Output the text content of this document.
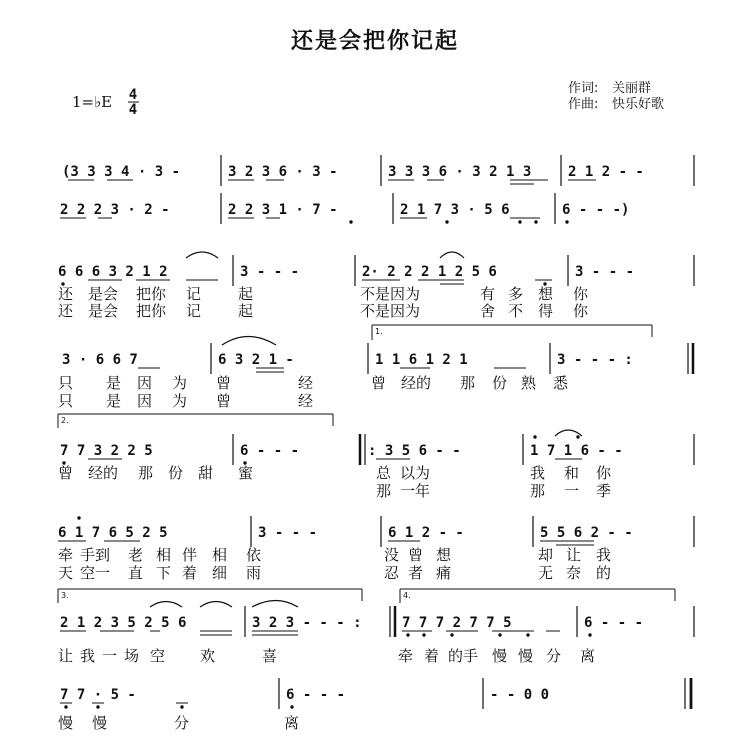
还是会把你记起
1=♭E 4
4
作词: 关丽群
作曲: 快乐好歌
(3 3 3 4 · 3 -	3 2 3 6 · 3 -	3 3 3 6 · 3 2 1 3	2 1 2 - -
2 2 2 3 · 2 -	2 2 3 1 · 7 -	2 1 7 3 · 5 6	6 - - -)
6 6 6 3 2 1 2	3 - - -	2· 2 2 2 1 2 5 6	3 - - -
还 是会 把你 记 起	不是因为	有 多 想 你
还 是会 把你 记 起	不是因为	舍 不 得 你
1.
3 · 6 6 7	6 3 2 1 -	1 1 6 1 2 1	3 - - - :
只 是 因 为 曾	经	曾 经的 那 份 熟 悉
只 是 因 为 曾	经
2.
7 7 3 2 2 5	6 - - -	: 3 5 6 - -	1 7 1 6 - -
曾 经的 那 份 甜 蜜	总 以为	我 和 你
那 一年	那 一 季
6 1 7 6 5 2 5	3 - - -	6 1 2 - -	5 5 6 2 - -
牵 手到 老 相 伴 相 依	没 曾 想	却 让 我
天 空一 直 下 着 细 雨	忍 者 痛	无 奈 的
3.	4.
2 1 2 3 5 2 5 6	3 2 3 - - - :	7 7 7 2 7 7 5	6 - - -
让 我 一 场 空 欢	喜	牵 着 的手 慢 慢 分 离
7 7 · 5 -	6 - - -	- - 0 0
慢 慢	分	离
